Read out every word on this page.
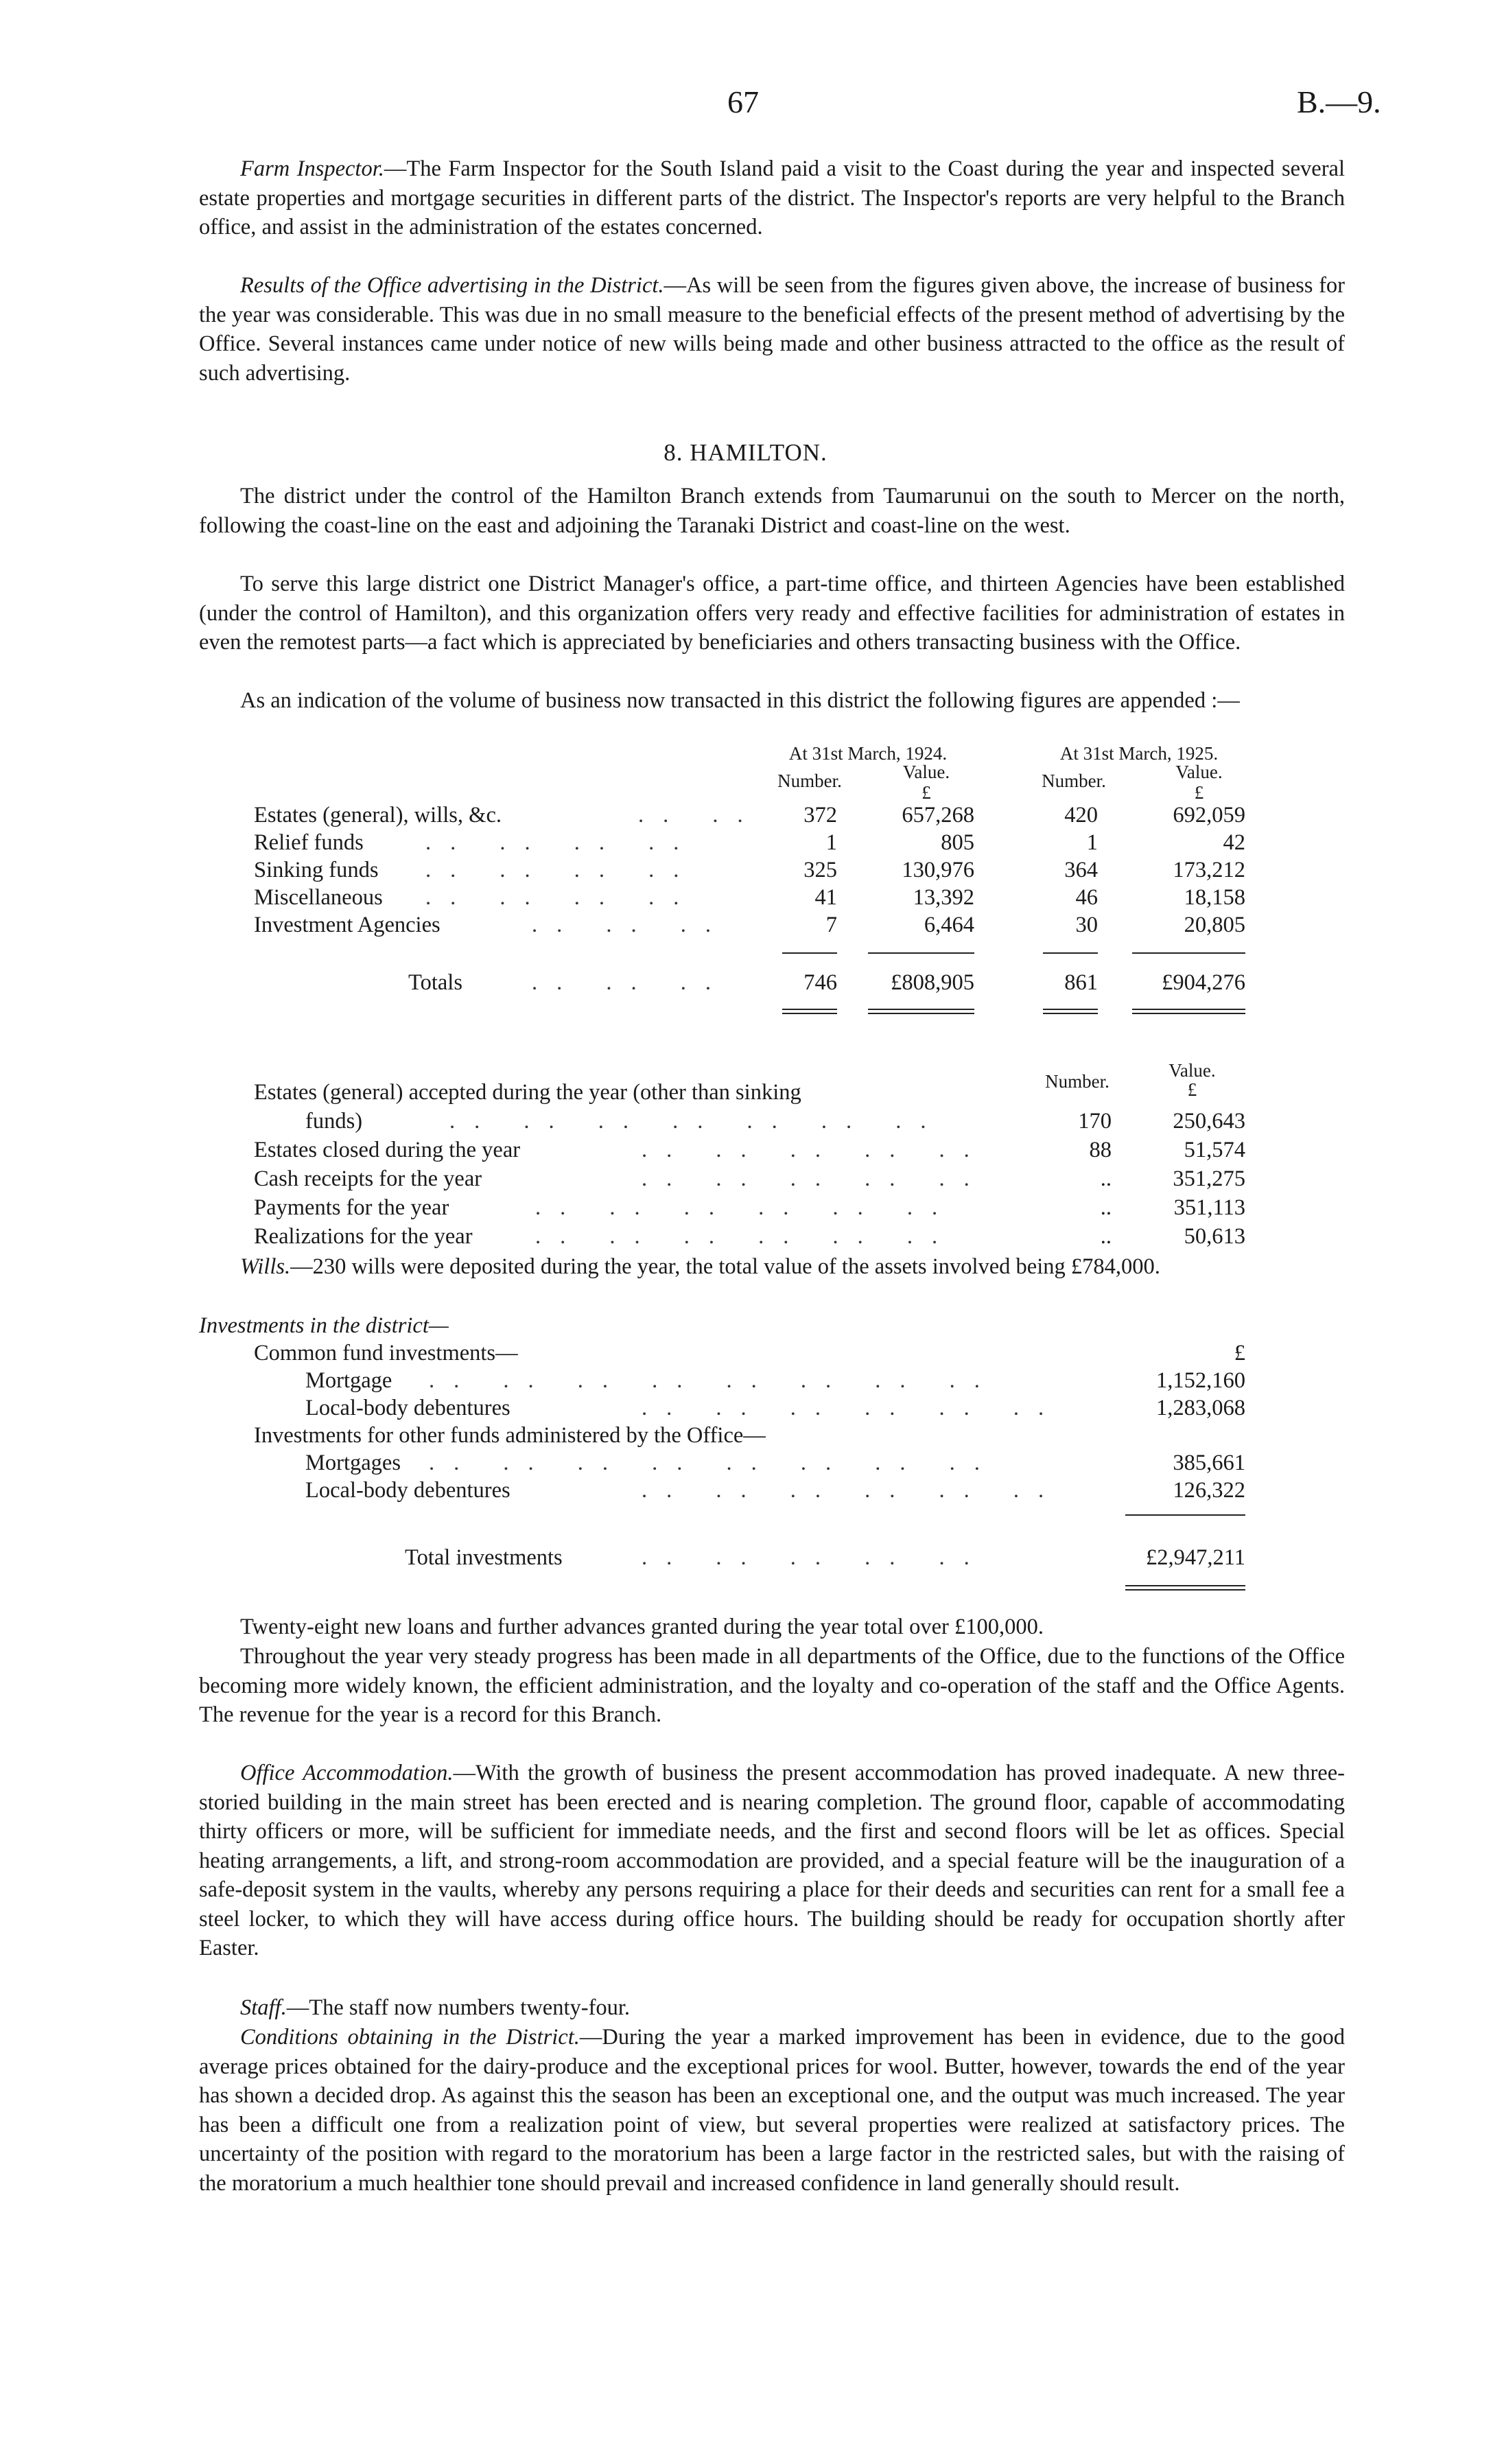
67	B.—9.

Farm Inspector.—The Farm Inspector for the South Island paid a visit to the Coast during the year and inspected several estate properties and mortgage securities in different parts of the district. The Inspector's reports are very helpful to the Branch office, and assist in the administration of the estates concerned.

Results of the Office advertising in the District.—As will be seen from the figures given above, the increase of business for the year was considerable. This was due in no small measure to the beneficial effects of the present method of advertising by the Office. Several instances came under notice of new wills being made and other business attracted to the office as the result of such advertising.

8. HAMILTON.

The district under the control of the Hamilton Branch extends from Taumarunui on the south to Mercer on the north, following the coast-line on the east and adjoining the Taranaki District and coast-line on the west.

To serve this large district one District Manager's office, a part-time office, and thirteen Agencies have been established (under the control of Hamilton), and this organization offers very ready and effective facilities for administration of estates in even the remotest parts—a fact which is appreciated by beneficiaries and others transacting business with the Office.

As an indication of the volume of business now transacted in this district the following figures are appended :—

At 31st March, 1924.	At 31st March, 1925.
Number.	Value.
£
Number.	Value.
£
Estates (general), wills, &c.	.. ..	372	657,268	420	692,059
Relief funds	.. .. .. ..	1	805	1	42
Sinking funds .. .. .. ..	325	130,976	364	173,212
Miscellaneous .. .. .. ..	41	13,392	46	18,158
Investment Agencies	.. .. ..	7	6,464	30	20,805
Totals	.. .. ..	746	£808,905	861	£904,276
Number.
Value.
£
Estates (general) accepted during the year (other than sinking
funds)	.. .. .. .. .. .. ..	170	250,643
Estates closed during the year	.. .. .. .. ..	88	51,574
Cash receipts for the year	.. .. .. .. ..	..	351,275
Payments for the year	.. .. .. .. .. ..	..	351,113
Realizations for the year	.. .. .. .. .. ..	..	50,613

Wills.—230 wills were deposited during the year, the total value of the assets involved being £784,000.

Investments in the district—
Common fund investments—	£
Mortgage .. .. .. .. .. .. .. ..	1,152,160
Local-body debentures	.. .. .. .. .. ..	1,283,068
Investments for other funds administered by the Office—
Mortgages .. .. .. .. .. .. .. ..	385,661
Local-body debentures	.. .. .. .. .. ..	126,322
Total investments	.. .. .. .. ..	£2,947,211

Twenty-eight new loans and further advances granted during the year total over £100,000.

Throughout the year very steady progress has been made in all departments of the Office, due to the functions of the Office becoming more widely known, the efficient administration, and the loyalty and co-operation of the staff and the Office Agents. The revenue for the year is a record for this Branch.

Office Accommodation.—With the growth of business the present accommodation has proved inadequate. A new three-storied building in the main street has been erected and is nearing completion. The ground floor, capable of accommodating thirty officers or more, will be sufficient for immediate needs, and the first and second floors will be let as offices. Special heating arrangements, a lift, and strong-room accommodation are provided, and a special feature will be the inauguration of a safe-deposit system in the vaults, whereby any persons requiring a place for their deeds and securities can rent for a small fee a steel locker, to which they will have access during office hours. The building should be ready for occupation shortly after Easter.

Staff.—The staff now numbers twenty-four.

Conditions obtaining in the District.—During the year a marked improvement has been in evidence, due to the good average prices obtained for the dairy-produce and the exceptional prices for wool. Butter, however, towards the end of the year has shown a decided drop. As against this the season has been an exceptional one, and the output was much increased. The year has been a difficult one from a realization point of view, but several properties were realized at satisfactory prices. The uncertainty of the position with regard to the moratorium has been a large factor in the restricted sales, but with the raising of the moratorium a much healthier tone should prevail and increased confidence in land generally should result.
